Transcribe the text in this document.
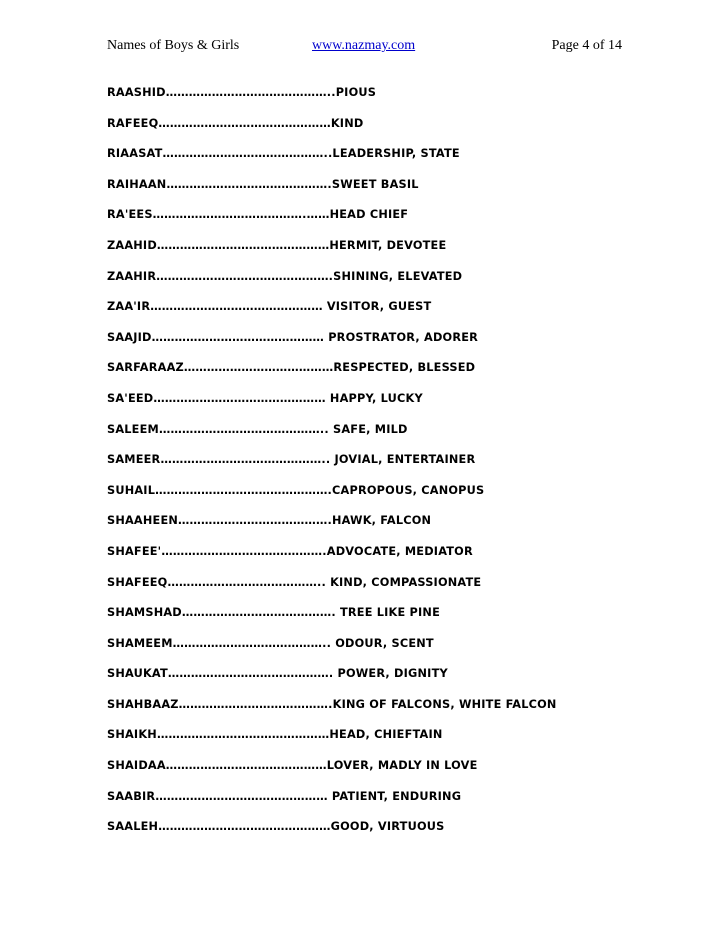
Names of Boys & Girls	www.nazmay.com	Page 4 of 14
RAASHID……………………………………..PIOUS
RAFEEQ………………………………………KIND
RIAASAT……………………………………..LEADERSHIP, STATE
RAIHAAN…………………………………….SWEET BASIL
RA'EES………………………………….……HEAD CHIEF
ZAAHID………………………………………HERMIT, DEVOTEE
ZAAHIR……………………………………….SHINING, ELEVATED
ZAA'IR……………………………………… VISITOR, GUEST
SAAJID……………………………………… PROSTRATOR, ADORER
SARFARAAZ…………………………………RESPECTED, BLESSED
SA'EED……………………………………… HAPPY, LUCKY
SALEEM…………………………………….. SAFE, MILD
SAMEER…………………………………….. JOVIAL, ENTERTAINER
SUHAIL……………………………………….CAPROPOUS, CANOPUS
SHAAHEEN………………………………….HAWK, FALCON
SHAFEE'…………………………………….ADVOCATE, MEDIATOR
SHAFEEQ………………………………….. KIND, COMPASSIONATE
SHAMSHAD…………………………………. TREE LIKE PINE
SHAMEEM………………………………….. ODOUR, SCENT
SHAUKAT……………………………………. POWER, DIGNITY
SHAHBAAZ………………………………….KING OF FALCONS, WHITE FALCON
SHAIKH………………………………………HEAD, CHIEFTAIN
SHAIDAA……………………………………LOVER, MADLY IN LOVE
SAABIR……………………………………… PATIENT, ENDURING
SAALEH………………………………………GOOD, VIRTUOUS
